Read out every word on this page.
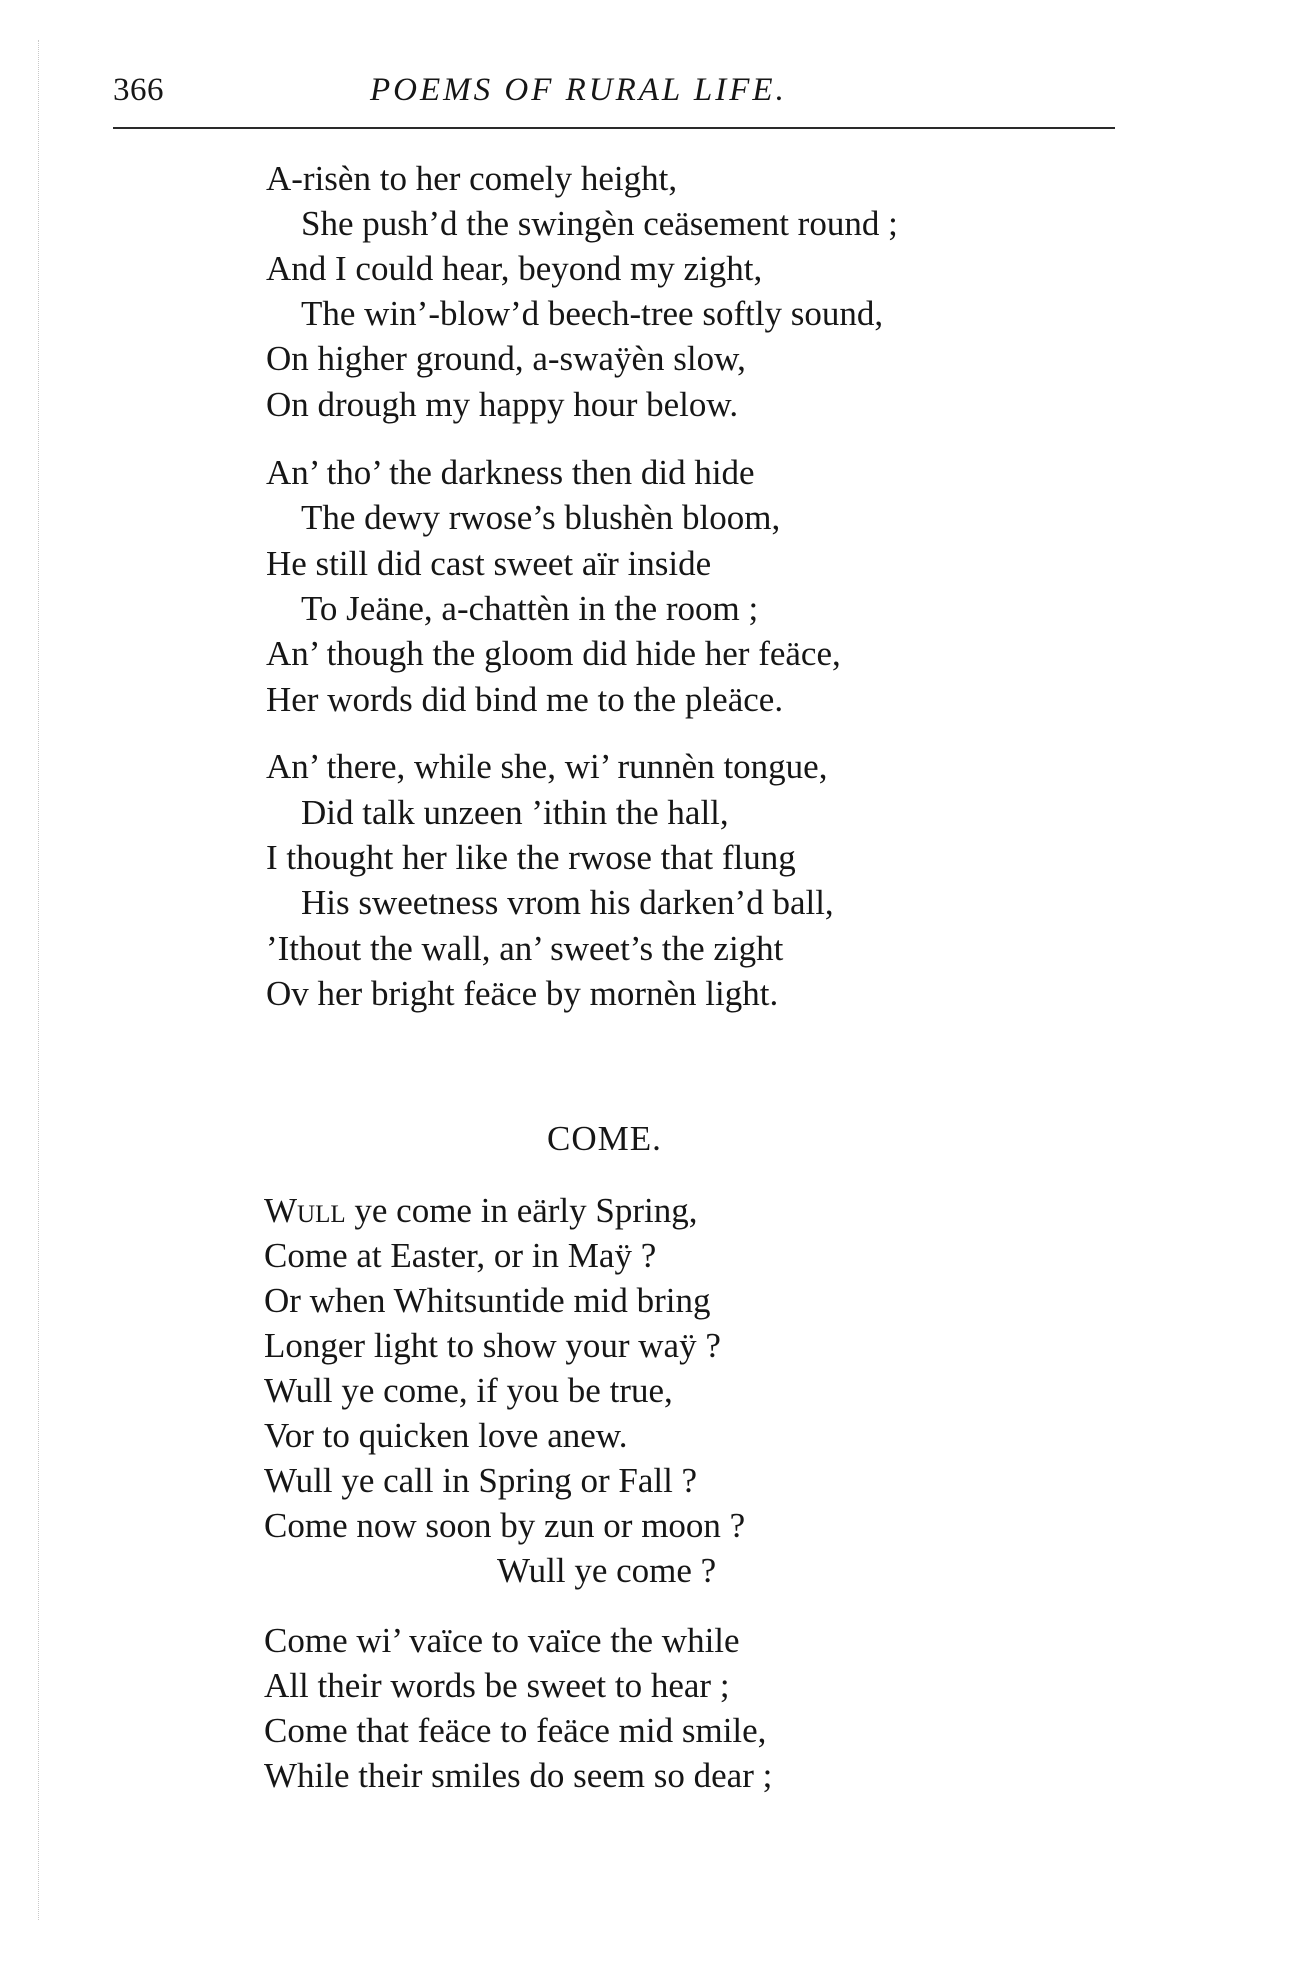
366	POEMS OF RURAL LIFE.
A-risèn to her comely height,
She push’d the swingèn ceäsement round ;
And I could hear, beyond my zight,
The win’-blow’d beech-tree softly sound,
On higher ground, a-swaÿèn slow,
On drough my happy hour below.
An’ tho’ the darkness then did hide
The dewy rwose’s blushèn bloom,
He still did cast sweet aïr inside
To Jeäne, a-chattèn in the room ;
An’ though the gloom did hide her feäce,
Her words did bind me to the pleäce.
An’ there, while she, wi’ runnèn tongue,
Did talk unzeen ’ithin the hall,
I thought her like the rwose that flung
His sweetness vrom his darken’d ball,
’Ithout the wall, an’ sweet’s the zight
Ov her bright feäce by mornèn light.
COME.
Wull ye come in eärly Spring,
Come at Easter, or in Maÿ ?
Or when Whitsuntide mid bring
Longer light to show your waÿ ?
Wull ye come, if you be true,
Vor to quicken love anew.
Wull ye call in Spring or Fall ?
Come now soon by zun or moon ?
Wull ye come ?
Come wi’ vaïce to vaïce the while
All their words be sweet to hear ;
Come that feäce to feäce mid smile,
While their smiles do seem so dear ;
